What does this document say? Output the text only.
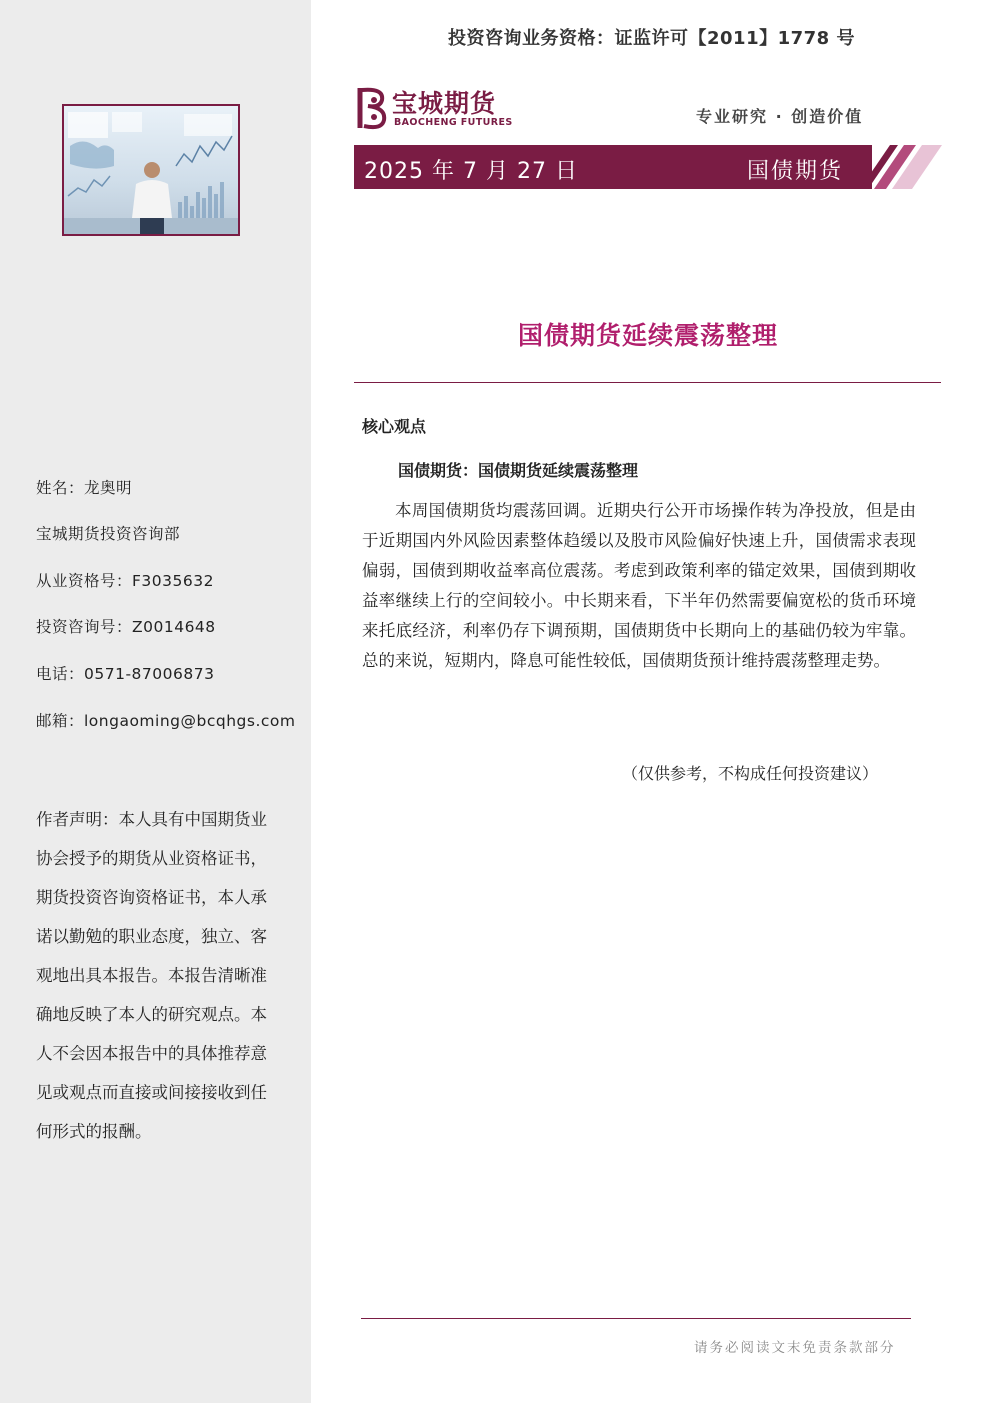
姓名：龙奥明
宝城期货投资咨询部
从业资格号：F3035632
投资咨询号：Z0014648
电话：0571-87006873
邮箱：longaoming@bcqhgs.com
作者声明：本人具有中国期货业协会授予的期货从业资格证书，期货投资咨询资格证书，本人承诺以勤勉的职业态度，独立、客观地出具本报告。本报告清晰准确地反映了本人的研究观点。本人不会因本报告中的具体推荐意见或观点而直接或间接接收到任何形式的报酬。
投资咨询业务资格：证监许可【2011】1778 号
宝城期货
BAOCHENG FUTURES	专业研究 · 创造价值
2025 年 7 月 27 日	国债期货
国债期货延续震荡整理
核心观点
国债期货：国债期货延续震荡整理

本周国债期货均震荡回调。近期央行公开市场操作转为净投放，但是由于近期国内外风险因素整体趋缓以及股市风险偏好快速上升，国债需求表现偏弱，国债到期收益率高位震荡。考虑到政策利率的锚定效果，国债到期收益率继续上行的空间较小。中长期来看，下半年仍然需要偏宽松的货币环境来托底经济，利率仍存下调预期，国债期货中长期向上的基础仍较为牢靠。总的来说，短期内，降息可能性较低，国债期货预计维持震荡整理走势。

（仅供参考，不构成任何投资建议）
请务必阅读文末免责条款部分
